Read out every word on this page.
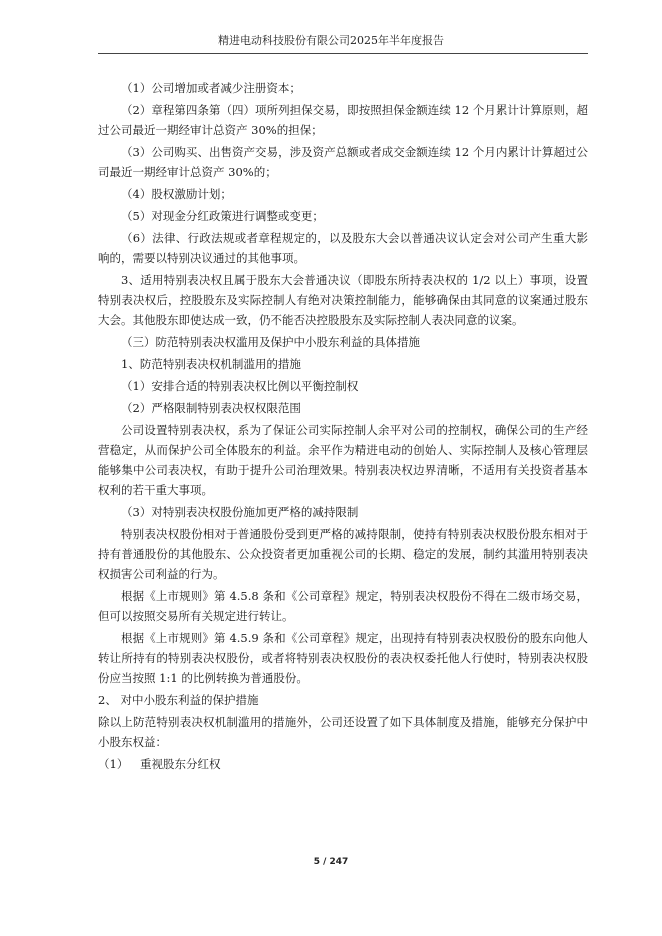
精进电动科技股份有限公司2025年半年度报告

（1）公司增加或者减少注册资本；

（2）章程第四条第（四）项所列担保交易，即按照担保金额连续 12 个月累计计算原则，超过公司最近一期经审计总资产 30%的担保；

（3）公司购买、出售资产交易，涉及资产总额或者成交金额连续 12 个月内累计计算超过公司最近一期经审计总资产 30%的；

（4）股权激励计划；

（5）对现金分红政策进行调整或变更；

（6）法律、行政法规或者章程规定的，以及股东大会以普通决议认定会对公司产生重大影响的，需要以特别决议通过的其他事项。

3、适用特别表决权且属于股东大会普通决议（即股东所持表决权的 1/2 以上）事项，设置特别表决权后，控股股东及实际控制人有绝对决策控制能力，能够确保由其同意的议案通过股东大会。其他股东即使达成一致，仍不能否决控股股东及实际控制人表决同意的议案。

（三）防范特别表决权滥用及保护中小股东利益的具体措施

1、防范特别表决权机制滥用的措施

（1）安排合适的特别表决权比例以平衡控制权

（2）严格限制特别表决权权限范围

公司设置特别表决权，系为了保证公司实际控制人余平对公司的控制权，确保公司的生产经营稳定，从而保护公司全体股东的利益。余平作为精进电动的创始人、实际控制人及核心管理层能够集中公司表决权，有助于提升公司治理效果。特别表决权边界清晰，不适用有关投资者基本权利的若干重大事项。

（3）对特别表决权股份施加更严格的减持限制

特别表决权股份相对于普通股份受到更严格的减持限制，使持有特别表决权股份股东相对于持有普通股份的其他股东、公众投资者更加重视公司的长期、稳定的发展，制约其滥用特别表决权损害公司利益的行为。

根据《上市规则》第 4.5.8 条和《公司章程》规定，特别表决权股份不得在二级市场交易，但可以按照交易所有关规定进行转让。

根据《上市规则》第 4.5.9 条和《公司章程》规定，出现持有特别表决权股份的股东向他人转让所持有的特别表决权股份，或者将特别表决权股份的表决权委托他人行使时，特别表决权股份应当按照 1:1 的比例转换为普通股份。

2、 对中小股东利益的保护措施

除以上防范特别表决权机制滥用的措施外，公司还设置了如下具体制度及措施，能够充分保护中小股东权益：

（1） 重视股东分红权

5 / 247
